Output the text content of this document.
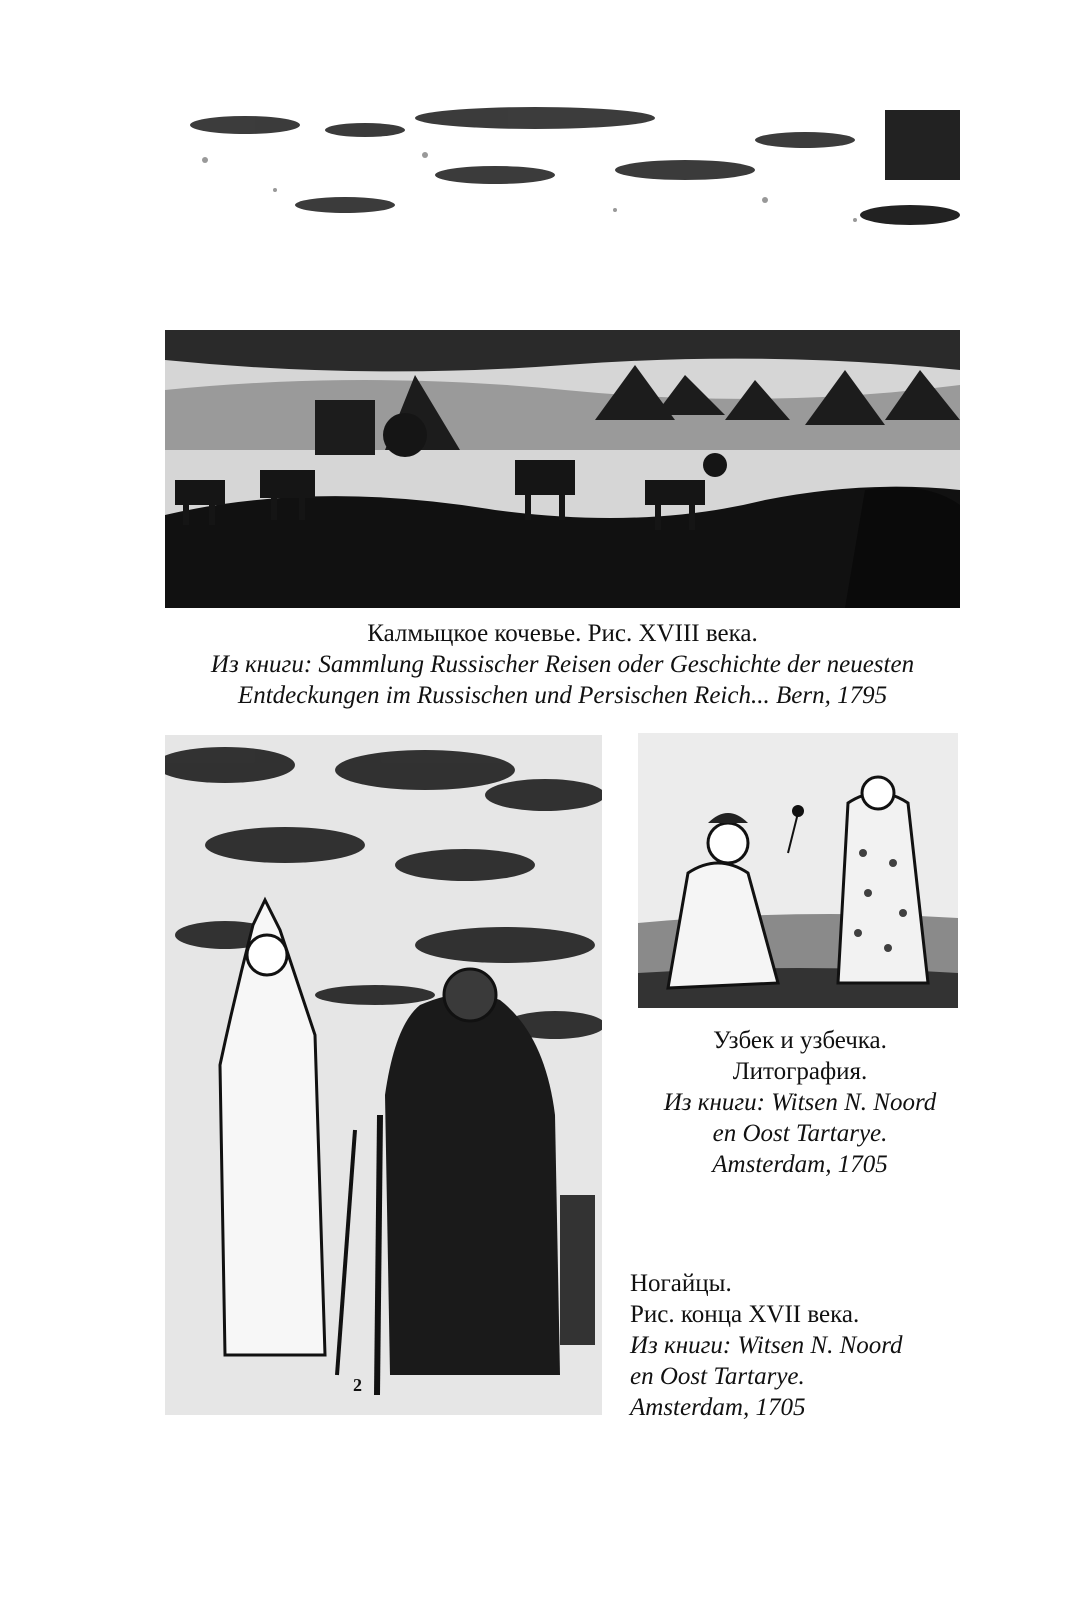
Калмыцкое кочевье. Рис. XVIII века.
Из книги: Sammlung Russischer Reisen oder Geschichte der neuesten
Entdeckungen im Russischen und Persischen Reich... Bern, 1795
2
Узбек и узбечка.
Литография.
Из книги: Witsen N. Noord
en Oost Tartarye.
Amsterdam, 1705
Ногайцы.
Рис. конца XVII века.
Из книги: Witsen N. Noord
en Oost Tartarye.
Amsterdam, 1705
